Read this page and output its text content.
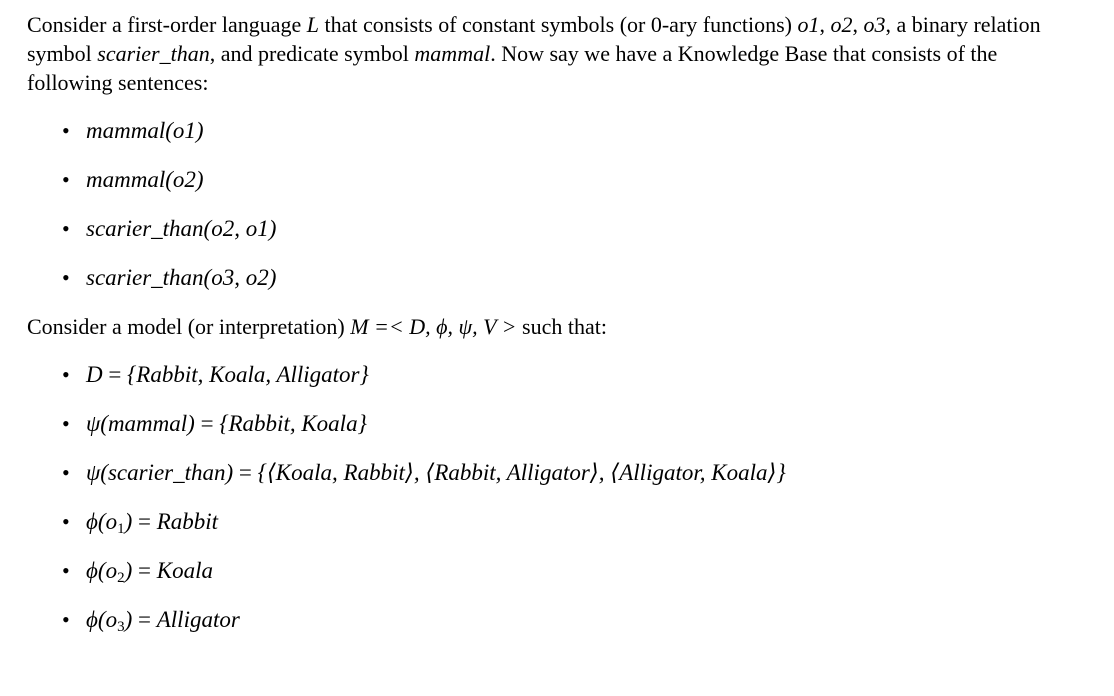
Consider a first-order language L that consists of constant symbols (or 0-ary functions) o1, o2, o3, a binary relation symbol scarier_than, and predicate symbol mammal. Now say we have a Knowledge Base that consists of the following sentences:

• mammal(o1)
• mammal(o2)
• scarier_than(o2, o1)
• scarier_than(o3, o2)

Consider a model (or interpretation) M =< D, ϕ, ψ, V > such that:

• D = {Rabbit, Koala, Alligator}
• ψ(mammal) = {Rabbit, Koala}
• ψ(scarier_than) = {⟨Koala, Rabbit⟩, ⟨Rabbit, Alligator⟩, ⟨Alligator, Koala⟩}
• $\phi(o_1)$ = Rabbit
• $\phi(o_2)$ = Koala
• $\phi(o_3)$ = Alligator
